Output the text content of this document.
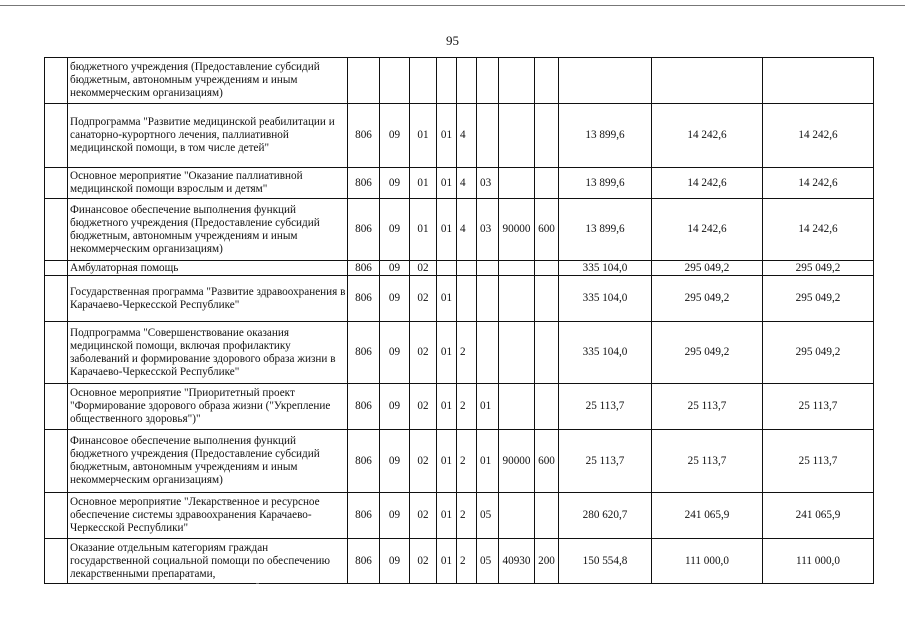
95
	бюджетного учреждения (Предоставление субсидий бюджетным, автономным учреждениям и иным некоммерческим организациям)											
	Подпрограмма "Развитие медицинской реабилитации и санаторно-курортного лечения, паллиативной медицинской помощи, в том числе детей"	806	09	01	01	4				13 899,6	14 242,6	14 242,6
	Основное мероприятие "Оказание паллиативной медицинской помощи взрослым и детям"	806	09	01	01	4	03			13 899,6	14 242,6	14 242,6
	Финансовое обеспечение выполнения функций бюджетного учреждения (Предоставление субсидий бюджетным, автономным учреждениям и иным некоммерческим организациям)	806	09	01	01	4	03	90000	600	13 899,6	14 242,6	14 242,6
	Амбулаторная помощь	806	09	02						335 104,0	295 049,2	295 049,2
	Государственная программа "Развитие здравоохранения в Карачаево-Черкесской Республике"	806	09	02	01					335 104,0	295 049,2	295 049,2
	Подпрограмма "Совершенствование оказания медицинской помощи, включая профилактику заболеваний и формирование здорового образа жизни в Карачаево-Черкесской Республике"	806	09	02	01	2				335 104,0	295 049,2	295 049,2
	Основное мероприятие "Приоритетный проект "Формирование здорового образа жизни ("Укрепление общественного здоровья")"	806	09	02	01	2	01			25 113,7	25 113,7	25 113,7
	Финансовое обеспечение выполнения функций бюджетного учреждения (Предоставление субсидий бюджетным, автономным учреждениям и иным некоммерческим организациям)	806	09	02	01	2	01	90000	600	25 113,7	25 113,7	25 113,7
	Основное мероприятие "Лекарственное и ресурсное обеспечение системы здравоохранения Карачаево-Черкесской Республики"	806	09	02	01	2	05			280 620,7	241 065,9	241 065,9
	Оказание отдельным категориям граждан государственной социальной помощи по обеспечению лекарственными препаратами,	806	09	02	01	2	05	40930	200	150 554,8	111 000,0	111 000,0
